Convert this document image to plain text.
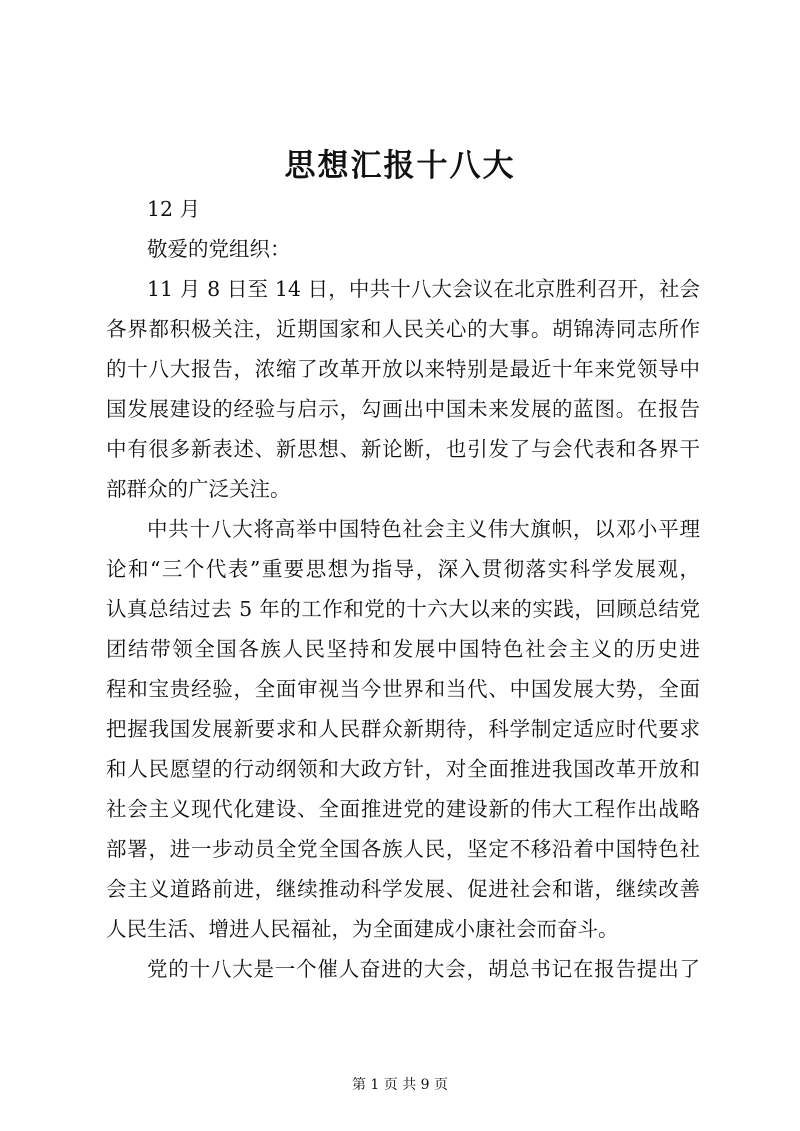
思想汇报十八大
12 月
敬爱的党组织：
11 月 8 日至 14 日，中共十八大会议在北京胜利召开，社会
各界都积极关注，近期国家和人民关心的大事。胡锦涛同志所作
的十八大报告，浓缩了改革开放以来特别是最近十年来党领导中
国发展建设的经验与启示，勾画出中国未来发展的蓝图。在报告
中有很多新表述、新思想、新论断，也引发了与会代表和各界干
部群众的广泛关注。
中共十八大将高举中国特色社会主义伟大旗帜，以邓小平理
论和“三个代表”重要思想为指导，深入贯彻落实科学发展观，
认真总结过去 5 年的工作和党的十六大以来的实践，回顾总结党
团结带领全国各族人民坚持和发展中国特色社会主义的历史进
程和宝贵经验，全面审视当今世界和当代、中国发展大势，全面
把握我国发展新要求和人民群众新期待，科学制定适应时代要求
和人民愿望的行动纲领和大政方针，对全面推进我国改革开放和
社会主义现代化建设、全面推进党的建设新的伟大工程作出战略
部署，进一步动员全党全国各族人民，坚定不移沿着中国特色社
会主义道路前进，继续推动科学发展、促进社会和谐，继续改善
人民生活、增进人民福祉，为全面建成小康社会而奋斗。
党的十八大是一个催人奋进的大会，胡总书记在报告提出了
第 1 页 共 9 页
